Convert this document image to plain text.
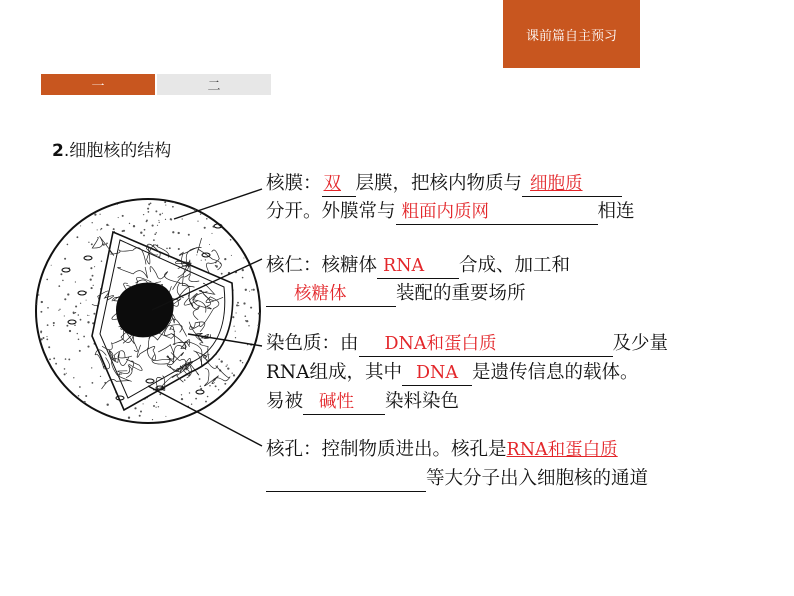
课前篇自主预习
一	二
2.细胞核的结构
核膜： 双 层膜，把核内物质与 细胞质
分开。外膜常与 粗面内质网	相连
核仁：核糖体 RNA 合成、加工和
核糖体	装配的重要场所
染色质：由 DNA和蛋白质	及少量
RNA组成，其中 DNA 是遗传信息的载体。
易被 碱性 染料染色
核孔：控制物质进出。核孔是RNA和蛋白质
等大分子出入细胞核的通道
